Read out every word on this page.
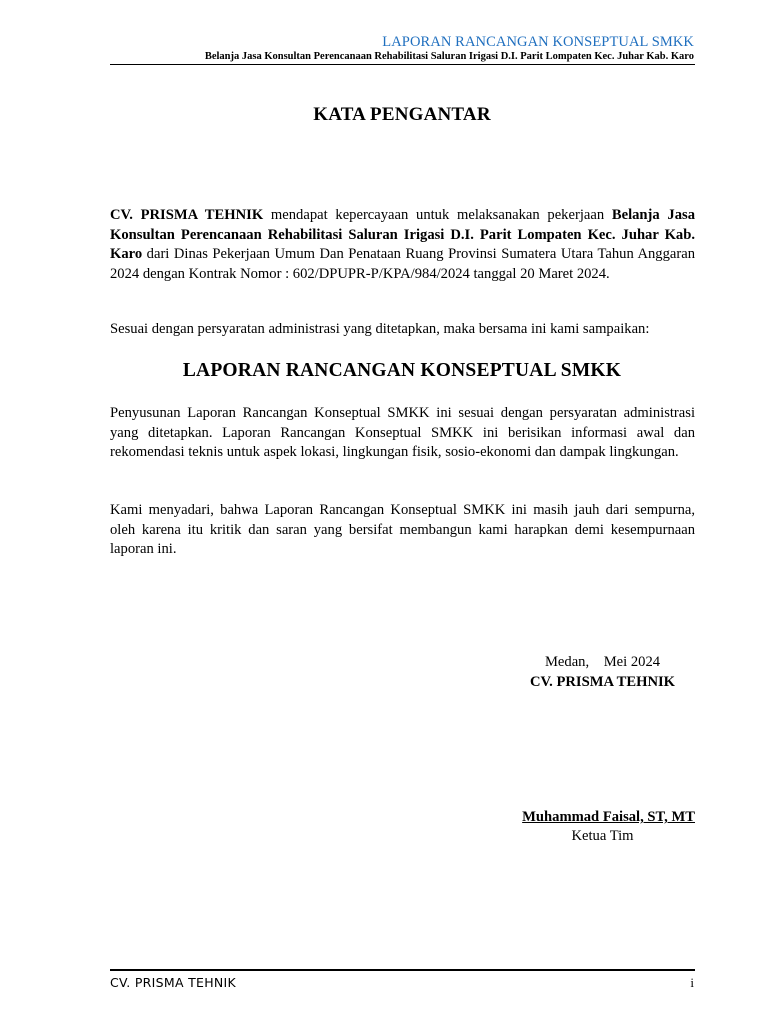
LAPORAN RANCANGAN KONSEPTUAL SMKK
Belanja Jasa Konsultan Perencanaan Rehabilitasi Saluran Irigasi D.I. Parit Lompaten Kec. Juhar Kab. Karo
KATA PENGANTAR
CV. PRISMA TEHNIK mendapat kepercayaan untuk melaksanakan pekerjaan Belanja Jasa Konsultan Perencanaan Rehabilitasi Saluran Irigasi D.I. Parit Lompaten Kec. Juhar Kab. Karo dari Dinas Pekerjaan Umum Dan Penataan Ruang Provinsi Sumatera Utara Tahun Anggaran 2024 dengan Kontrak Nomor : 602/DPUPR-P/KPA/984/2024 tanggal 20 Maret 2024.
Sesuai dengan persyaratan administrasi yang ditetapkan, maka bersama ini kami sampaikan:
LAPORAN RANCANGAN KONSEPTUAL SMKK
Penyusunan Laporan Rancangan Konseptual SMKK ini sesuai dengan persyaratan administrasi yang ditetapkan. Laporan Rancangan Konseptual SMKK ini berisikan informasi awal dan rekomendasi teknis untuk aspek lokasi, lingkungan fisik, sosio-ekonomi dan dampak lingkungan.
Kami menyadari, bahwa Laporan Rancangan Konseptual SMKK ini masih jauh dari sempurna, oleh karena itu kritik dan saran yang bersifat membangun kami harapkan demi kesempurnaan laporan ini.
Medan,    Mei 2024
CV. PRISMA TEHNIK
Muhammad Faisal, ST, MT
Ketua Tim
CV. PRISMA TEHNIK	i
